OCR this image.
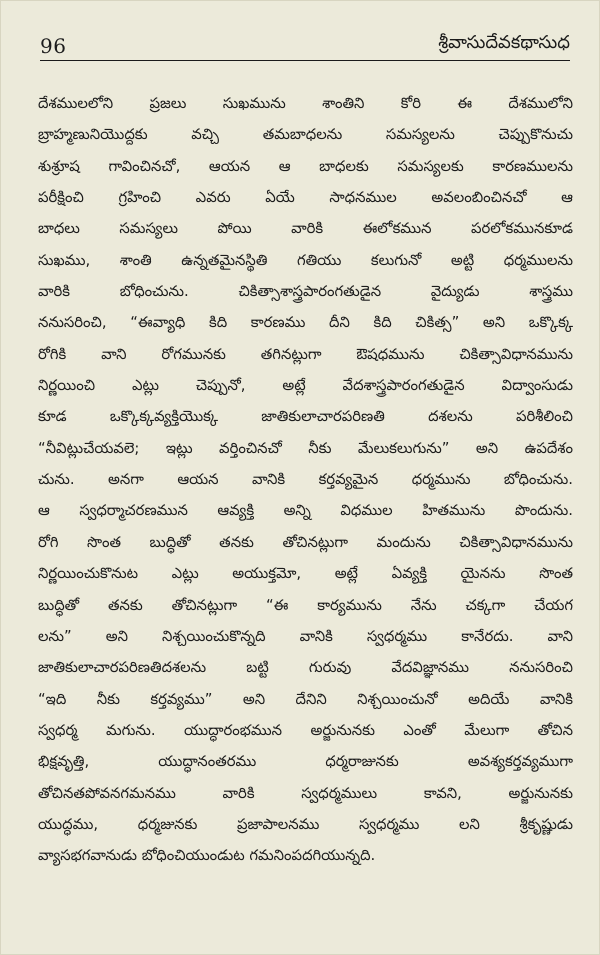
96	శ్రీవాసుదేవకథాసుధ
దేశములలోని ప్రజలు సుఖమును శాంతిని కోరి ఈ దేశములోని
బ్రాహ్మణునియొద్దకు వచ్చి తమబాధలను సమస్యలను చెప్పుకొనుచు
శుశ్రూష గావించినచో, ఆయన ఆ బాధలకు సమస్యలకు కారణములను
పరీక్షించి గ్రహించి ఎవరు ఏయే సాధనముల అవలంబించినచో ఆ
బాధలు సమస్యలు పోయి వారికి ఈలోకమున పరలోకమునకూడ
సుఖము, శాంతి ఉన్నతమైనస్థితి గతియు కలుగునో అట్టి ధర్మములను
వారికి బోధించును. చికిత్సాశాస్త్రపారంగతుడైన వైద్యుడు శాస్త్రము
ననుసరించి, “ఈవ్యాధి కిది కారణము దీని కిది చికిత్స” అని ఒక్కొక్క
రోగికి వాని రోగమునకు తగినట్లుగా ఔషధమును చికిత్సావిధానమును
నిర్ణయించి ఎట్లు చెప్పునో, అట్లే వేదశాస్త్రపారంగతుడైన విద్వాంసుడు
కూడ ఒక్కొక్కవ్యక్తియొక్క జాతికులాచారపరిణతి దశలను పరిశీలించి
“నీవిట్లుచేయవలె; ఇట్లు వర్తించినచో నీకు మేలుకలుగును” అని ఉపదేశం
చును. అనగా ఆయన వానికి కర్తవ్యమైన ధర్మమును బోధించును.
ఆ స్వధర్మాచరణమున ఆవ్యక్తి అన్ని విధముల హితమును పొందును.
రోగి సొంత బుద్ధితో తనకు తోచినట్లుగా మందును చికిత్సావిధానమును
నిర్ణయించుకొనుట ఎట్లు అయుక్తమో, అట్లే ఏవ్యక్తి యైనను సొంత
బుద్ధితో తనకు తోచినట్లుగా “ఈ కార్యమును నేను చక్కగా చేయగ
లను” అని నిశ్చయించుకొన్నది వానికి స్వధర్మము కానేరదు. వాని
జాతికులాచారపరిణతిదశలను బట్టి గురువు వేదవిజ్ఞానము ననుసరించి
“ఇది నీకు కర్తవ్యము” అని దేనిని నిశ్చయించునో అదియే వానికి
స్వధర్మ మగును. యుద్ధారంభమున అర్జునునకు ఎంతో మేలుగా తోచిన
భిక్షవృత్తి, యుద్ధానంతరము ధర్మరాజునకు అవశ్యకర్తవ్యముగా
తోచినతపోవనగమనము వారికి స్వధర్మములు కావని, అర్జునునకు
యుద్ధము, ధర్మజునకు ప్రజాపాలనము స్వధర్మము లని శ్రీకృష్ణుడు
వ్యాసభగవానుడు బోధించియుండుట గమనింపదగియున్నది.
